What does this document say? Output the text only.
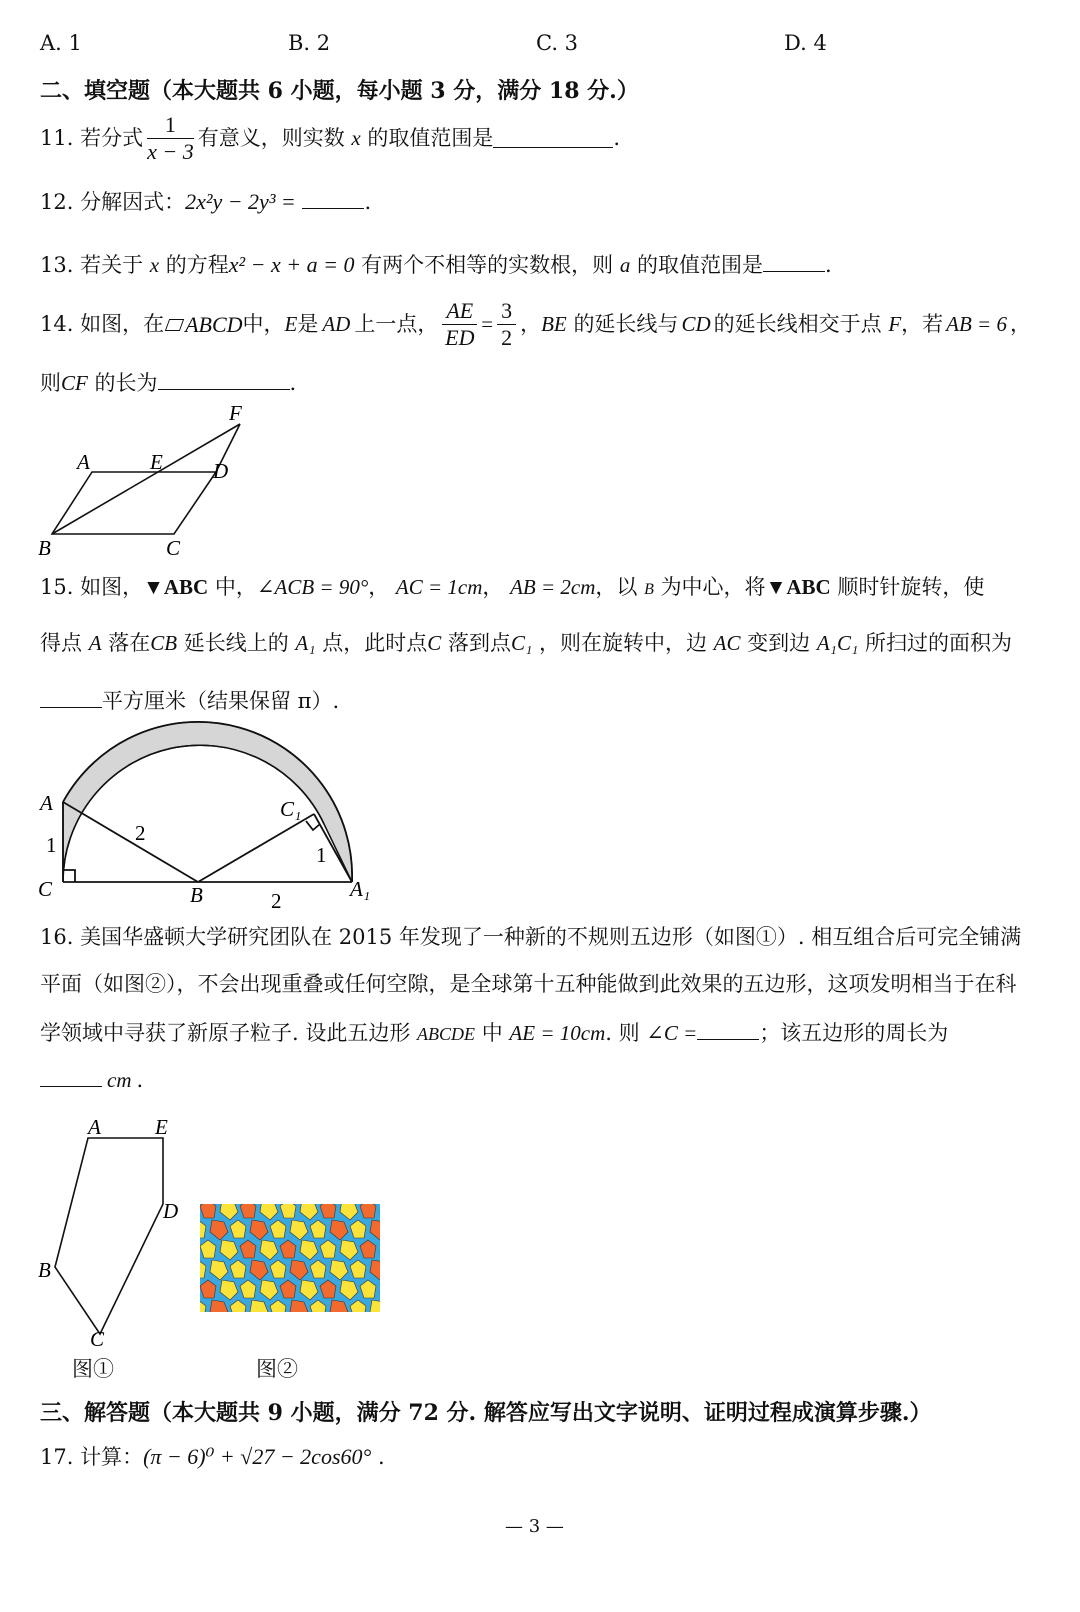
A. 1	B. 2	C. 3	D. 4
二、填空题（本大题共 6 小题，每小题 3 分，满分 18 分.）
11. 若分式 $\frac{1}{x - 3}$ 有意义，则实数
x
的取值范围是	.
12. 分解因式：2x²y − 2y³ =	.
13. 若关于 x 的方程x² − x + a = 0 有两个不相等的实数根，则 a 的取值范围是	.
14. 如图，在 ABCD 中， E 是 AD 上一点， $\frac{AE}{ED} = \frac{3}{2}$ ， BE
的延长线与 CD 的延长线相交于点
F ，若 AB = 6 ，
则CF 的长为	.
A	E D
F
B	C
15. 如图，▼ABC 中，∠ACB = 90°， AC = 1cm， AB = 2cm，以 B 为中心，将▼ABC 顺时针旋转，使
得点 A 落在CB 延长线上的 A₁ 点，此时点C 落到点C₁ ，则在旋转中，边 AC 变到边 A₁C₁ 所扫过的面积为
平方厘米（结果保留 π）.
A
C	B
C₁
A₁
1	2
1
2
16. 美国华盛顿大学研究团队在 2015 年发现了一种新的不规则五边形（如图①）. 相互组合后可完全铺满
平面（如图②），不会出现重叠或任何空隙，是全球第十五种能做到此效果的五边形，这项发明相当于在科
学领域中寻获了新原子粒子. 设此五边形 ABCDE 中 AE = 10cm. 则 ∠C =	；该五边形的周长为
cm .
A	E
D
B
C
图①	图②
三、解答题（本大题共 9 小题，满分 72 分. 解答应写出文字说明、证明过程成演算步骤.）
17. 计算：(π − 6)⁰ + √27 − 2cos60° .
— 3 —
